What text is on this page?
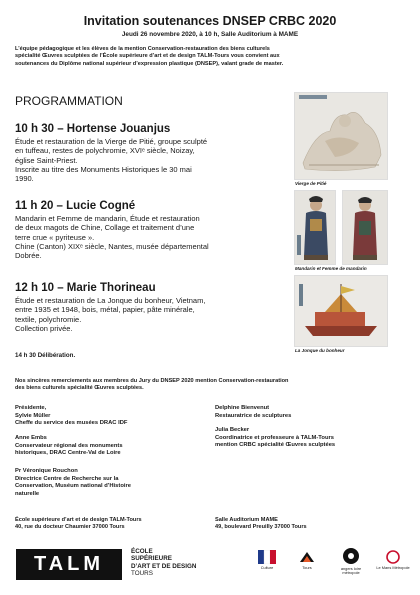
Invitation soutenances DNSEP CRBC 2020
Jeudi 26 novembre 2020, à 10 h, Salle Auditorium à MAME
L’équipe pédagogique et les élèves de la mention Conservation-restauration des biens culturels
spécialité Œuvres sculptées de l’École supérieure d’art et de design TALM-Tours vous convient aux
soutenances du Diplôme national supérieur d’expression plastique (DNSEP), valant grade de master.
PROGRAMMATION
10 h 30 – Hortense Jouanjus
Étude et restauration de la Vierge de Pitié, groupe sculpté
en tuffeau, restes de polychromie, XVIᵉ siècle, Noizay,
église Saint-Priest.
Inscrite au titre des Monuments Historiques le 30 mai
1990.
11 h 20 – Lucie Cogné
Mandarin et Femme de mandarin, Étude et restauration
de deux magots de Chine, Collage et traitement d’une
terre crue « pyriteuse ».
Chine (Canton) XIXᵉ siècle, Nantes, musée départemental
Dobrée.
12 h 10 – Marie Thorineau
Étude et restauration de La Jonque du bonheur, Vietnam,
entre 1935 et 1948, bois, métal, papier, pâte minérale,
textile, polychromie.
Collection privée.
14 h 30 Délibération.
Vierge de Pitié
Mandarin et Femme de mandarin
La Jonque du bonheur
Nos sincères remerciements aux membres du Jury du DNSEP 2020 mention Conservation-restauration
des biens culturels spécialité Œuvres sculptées.
Présidente,
Sylvie Müller
Cheffe du service des musées DRAC IDF
Anne Embs
Conservateur régional des monuments
historiques, DRAC Centre-Val de Loire
Pr Véronique Rouchon
Directrice Centre de Recherche sur la
Conservation, Muséum national d’Histoire
naturelle
Delphine Bienvenut
Restauratrice de sculptures
Julia Becker
Coordinatrice et professeure à TALM-Tours
mention CRBC spécialité Œuvres sculptées
École supérieure d’art et de design TALM-Tours
40, rue du docteur Chaumier 37000 Tours
Salle Auditorium MAME
49, boulevard Preuilly 37000 Tours
TALM
ÉCOLE
SUPÉRIEURE
D’ART ET DE DESIGN
TOURS
Culture	Tours	angers loire métropole
Le Mans Métropole
